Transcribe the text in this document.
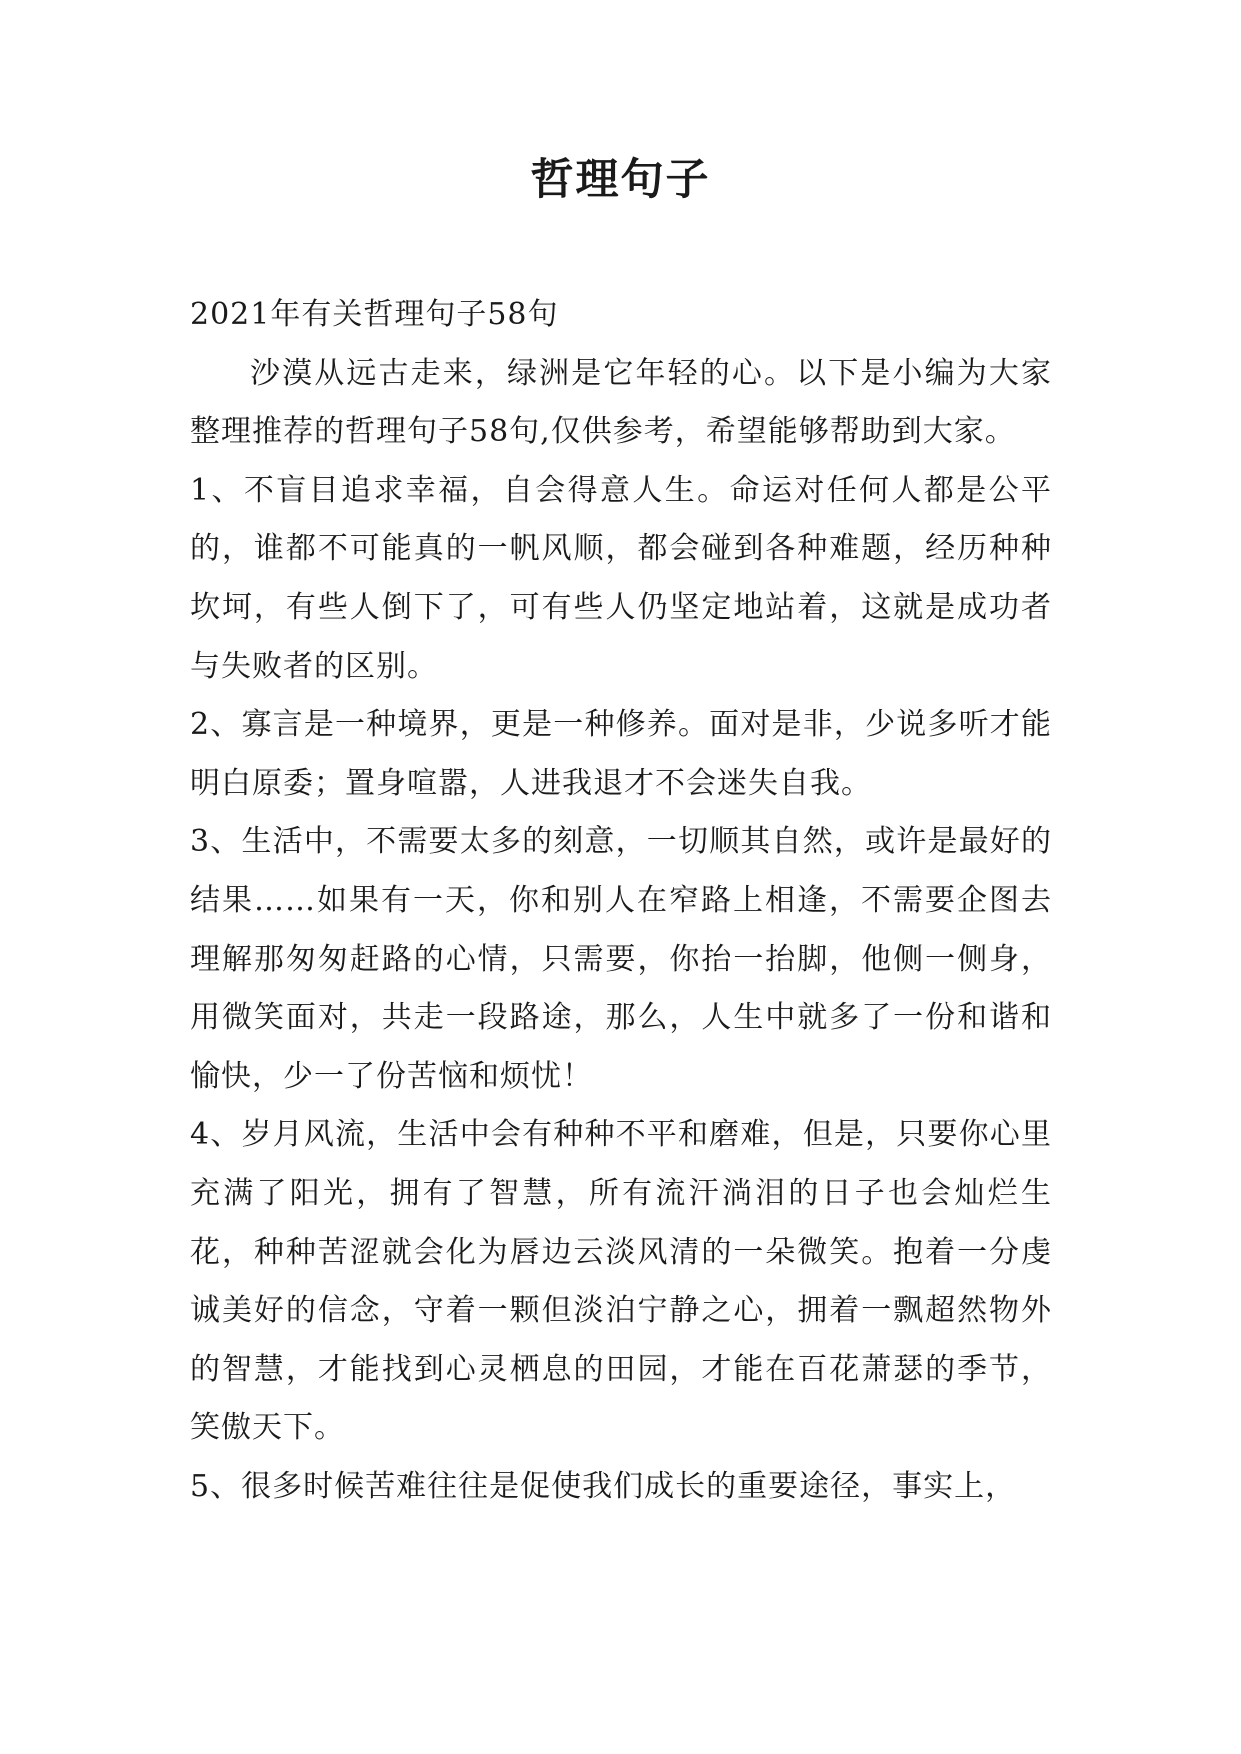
哲理句子

2021年有关哲理句子58句

沙漠从远古走来，绿洲是它年轻的心。以下是小编为大家整理推荐的哲理句子58句,仅供参考，希望能够帮助到大家。

1、不盲目追求幸福，自会得意人生。命运对任何人都是公平的，谁都不可能真的一帆风顺，都会碰到各种难题，经历种种坎坷，有些人倒下了，可有些人仍坚定地站着，这就是成功者与失败者的区别。

2、寡言是一种境界，更是一种修养。面对是非，少说多听才能明白原委；置身喧嚣，人进我退才不会迷失自我。

3、生活中，不需要太多的刻意，一切顺其自然，或许是最好的结果……如果有一天，你和别人在窄路上相逢，不需要企图去理解那匆匆赶路的心情，只需要，你抬一抬脚，他侧一侧身，用微笑面对，共走一段路途，那么，人生中就多了一份和谐和愉快，少一了份苦恼和烦忧！

4、岁月风流，生活中会有种种不平和磨难，但是，只要你心里充满了阳光，拥有了智慧，所有流汗淌泪的日子也会灿烂生花，种种苦涩就会化为唇边云淡风清的一朵微笑。抱着一分虔诚美好的信念，守着一颗但淡泊宁静之心，拥着一飘超然物外的智慧，才能找到心灵栖息的田园，才能在百花萧瑟的季节，笑傲天下。

5、很多时候苦难往往是促使我们成长的重要途径，事实上，
